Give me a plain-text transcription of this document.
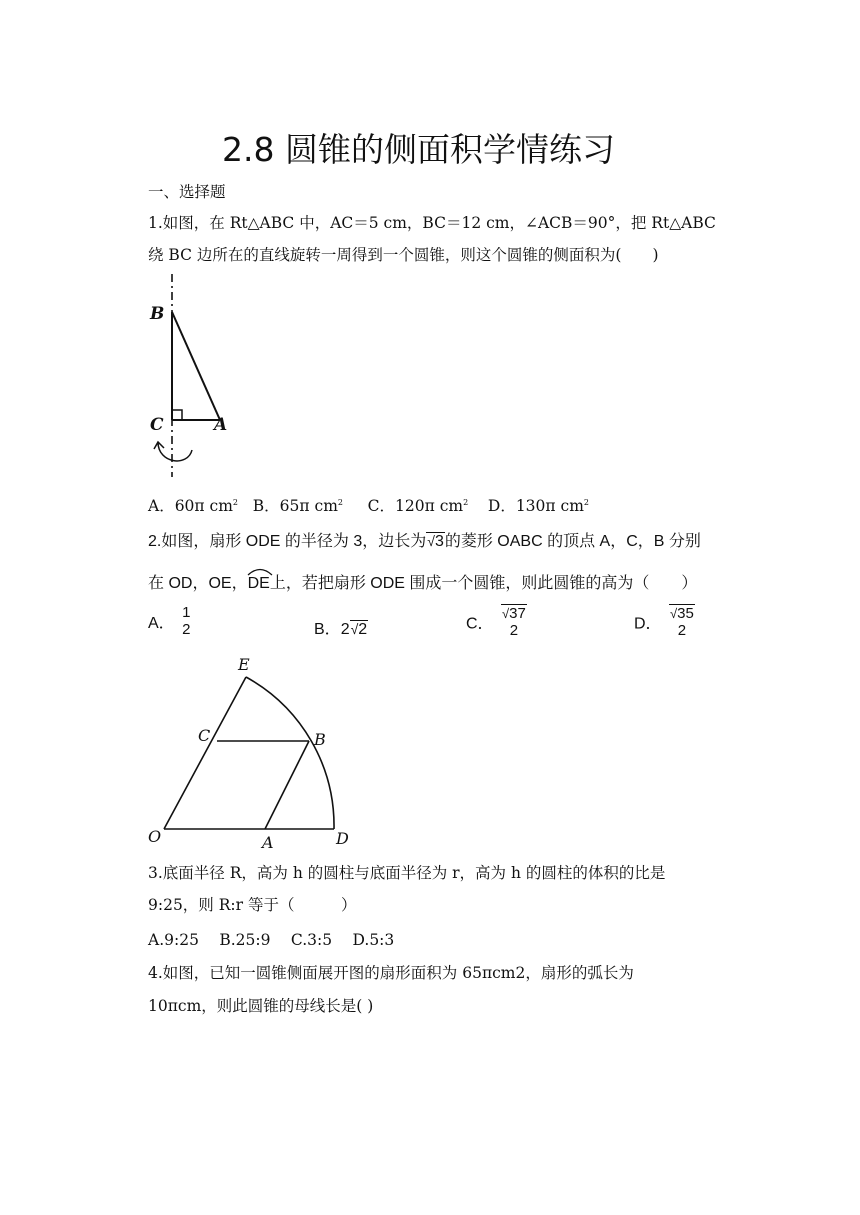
2.8 圆锥的侧面积学情练习
一、选择题
1.如图，在 Rt△ABC 中，AC＝5 cm，BC＝12 cm，∠ACB＝90°，把 Rt△ABC
绕 BC 边所在的直线旋转一周得到一个圆锥，则这个圆锥的侧面积为(　　)
B
C	A
A．60π $cm^2$ B．65π $cm^2$ C．120π $cm^2$ D．130π $cm^2$
2.如图，扇形 ODE 的半径为 3，边长为√3的菱形 OABC 的顶点 A，C，B 分别
在 OD，OE，
DE上，若把扇形 ODE 围成一个圆锥，则此圆锥的高为（　　）
A．
1
2	B．2√2	C．
√37
2	D．
√35
2
E
C	B
O	A	D
3.底面半径 R，高为 h 的圆柱与底面半径为 r，高为 h 的圆柱的体积的比是
9:25，则 R:r 等于（　　　）
A.9:25　 B.25:9　 C.3:5　 D.5:3
4.如图，已知一圆锥侧面展开图的扇形面积为 65πcm2，扇形的弧长为
10πcm，则此圆锥的母线长是( )
